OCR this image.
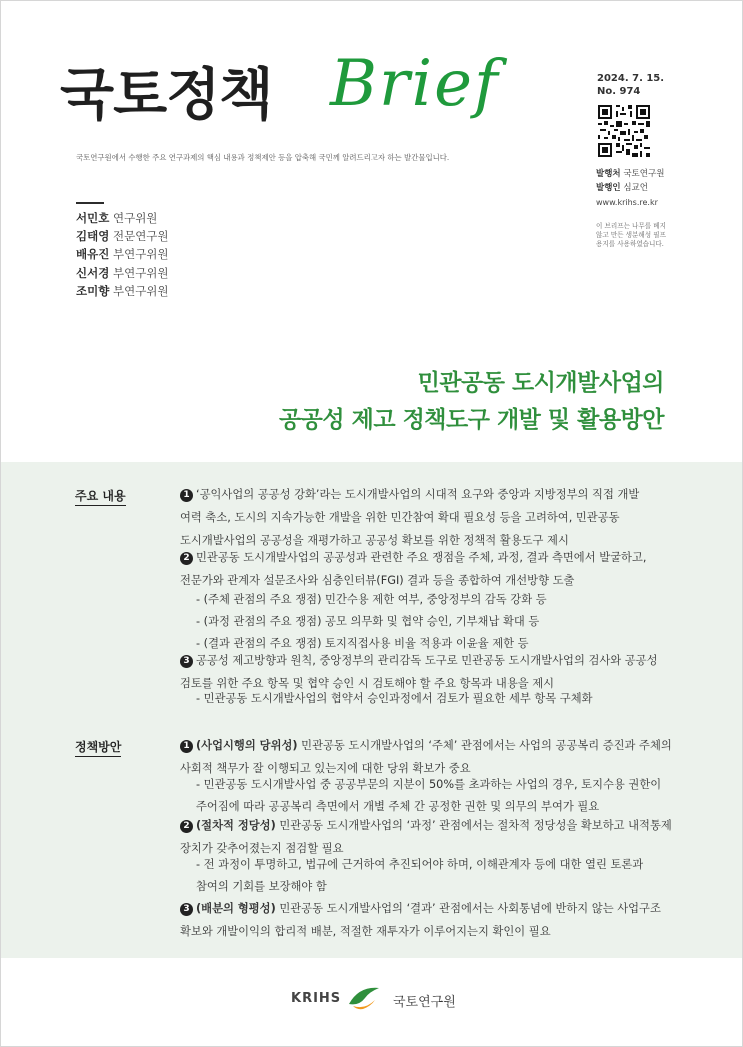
국토정책 Brief
국토연구원에서 수행한 주요 연구과제의 핵심 내용과 정책제안 등을 압축해 국민께 알려드리고자 하는 발간물입니다.
2024. 7. 15.
No. 974
발행처 국토연구원
발행인 심교언
www.krihs.re.kr
이 브리프는 나무를 베지
않고 만든 생분해성 필프
용지를 사용하였습니다.
서민호 연구위원
김태영 전문연구원
배유진 부연구위원
신서경 부연구위원
조미향 부연구위원
민관공동 도시개발사업의
공공성 제고 정책도구 개발 및 활용방안
주요 내용	1 ‘공익사업의 공공성 강화’라는 도시개발사업의 시대적 요구와 중앙과 지방정부의 직접 개발
여력 축소, 도시의 지속가능한 개발을 위한 민간참여 확대 필요성 등을 고려하여, 민관공동
도시개발사업의 공공성을 재평가하고 공공성 확보를 위한 정책적 활용도구 제시
2 민관공동 도시개발사업의 공공성과 관련한 주요 쟁점을 주체, 과정, 결과 측면에서 발굴하고,
전문가와 관계자 설문조사와 심층인터뷰(FGI) 결과 등을 종합하여 개선방향 도출
- (주체 관점의 주요 쟁점) 민간수용 제한 여부, 중앙정부의 감독 강화 등
- (과정 관점의 주요 쟁점) 공모 의무화 및 협약 승인, 기부채납 확대 등
- (결과 관점의 주요 쟁점) 토지직접사용 비율 적용과 이윤율 제한 등
3 공공성 제고방향과 원칙, 중앙정부의 관리감독 도구로 민관공동 도시개발사업의 검사와 공공성
검토를 위한 주요 항목 및 협약 승인 시 검토해야 할 주요 항목과 내용을 제시
- 민관공동 도시개발사업의 협약서 승인과정에서 검토가 필요한 세부 항목 구체화
정책방안	1 (사업시행의 당위성) 민관공동 도시개발사업의 ‘주체’ 관점에서는 사업의 공공복리 증진과 주체의
사회적 책무가 잘 이행되고 있는지에 대한 당위 확보가 중요
- 민관공동 도시개발사업 중 공공부문의 지분이 50%를 초과하는 사업의 경우, 토지수용 권한이
주어짐에 따라 공공복리 측면에서 개별 주체 간 공정한 권한 및 의무의 부여가 필요
2 (절차적 정당성) 민관공동 도시개발사업의 ‘과정’ 관점에서는 절차적 정당성을 확보하고 내적통제
장치가 갖추어졌는지 점검할 필요
- 전 과정이 투명하고, 법규에 근거하여 추진되어야 하며, 이해관계자 등에 대한 열린 토론과
참여의 기회를 보장해야 함
3 (배분의 형평성) 민관공동 도시개발사업의 ‘결과’ 관점에서는 사회통념에 반하지 않는 사업구조
확보와 개발이익의 합리적 배분, 적절한 재투자가 이루어지는지 확인이 필요
KRIHS	국토연구원
